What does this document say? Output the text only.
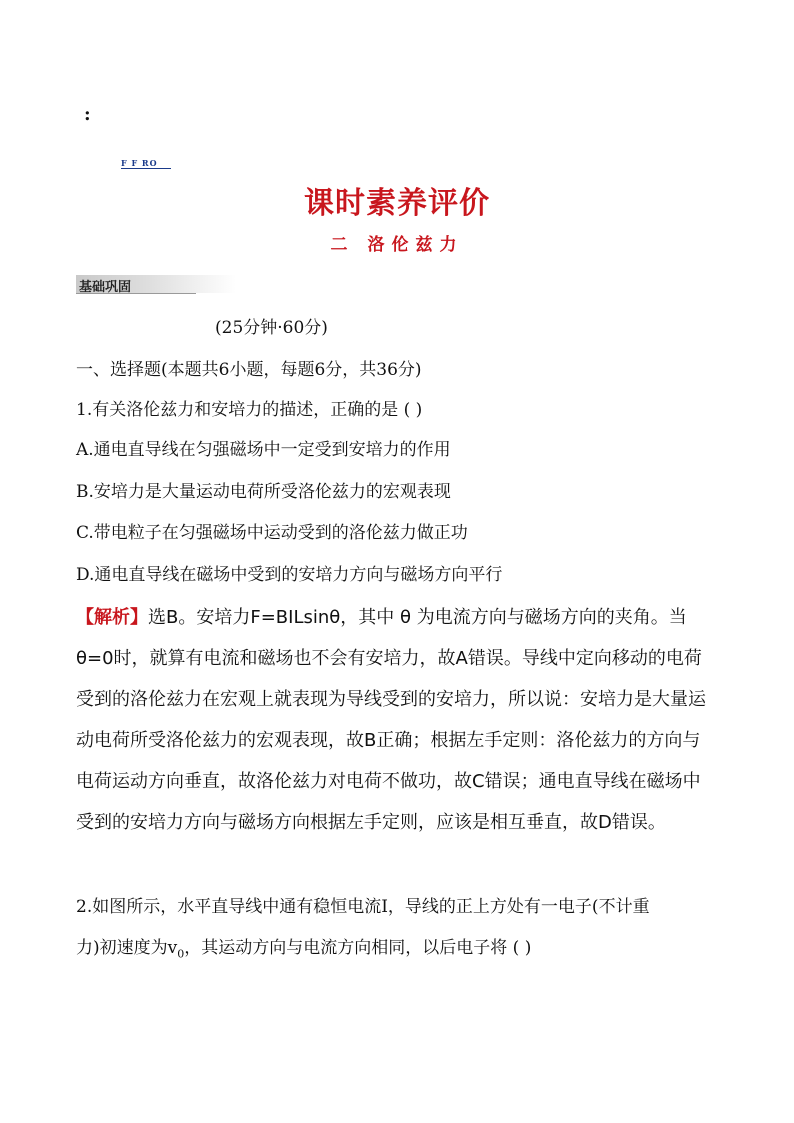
:
F F RO
课时素养评价
二 洛伦兹力
基础巩固
(25分钟·60分)
一、选择题(本题共6小题，每题6分，共36分)
1.有关洛伦兹力和安培力的描述，正确的是 ( )
A.通电直导线在匀强磁场中一定受到安培力的作用
B.安培力是大量运动电荷所受洛伦兹力的宏观表现
C.带电粒子在匀强磁场中运动受到的洛伦兹力做正功
D.通电直导线在磁场中受到的安培力方向与磁场方向平行
【解析】选B。安培力F=BILsinθ，其中 θ 为电流方向与磁场方向的夹角。当θ=0时，就算有电流和磁场也不会有安培力，故A错误。导线中定向移动的电荷受到的洛伦兹力在宏观上就表现为导线受到的安培力，所以说：安培力是大量运动电荷所受洛伦兹力的宏观表现，故B正确；根据左手定则：洛伦兹力的方向与电荷运动方向垂直，故洛伦兹力对电荷不做功，故C错误；通电直导线在磁场中受到的安培力方向与磁场方向根据左手定则，应该是相互垂直，故D错误。
2.如图所示，水平直导线中通有稳恒电流I，导线的正上方处有一电子(不计重
力)初速度为$v_0$，其运动方向与电流方向相同，以后电子将 ( )
